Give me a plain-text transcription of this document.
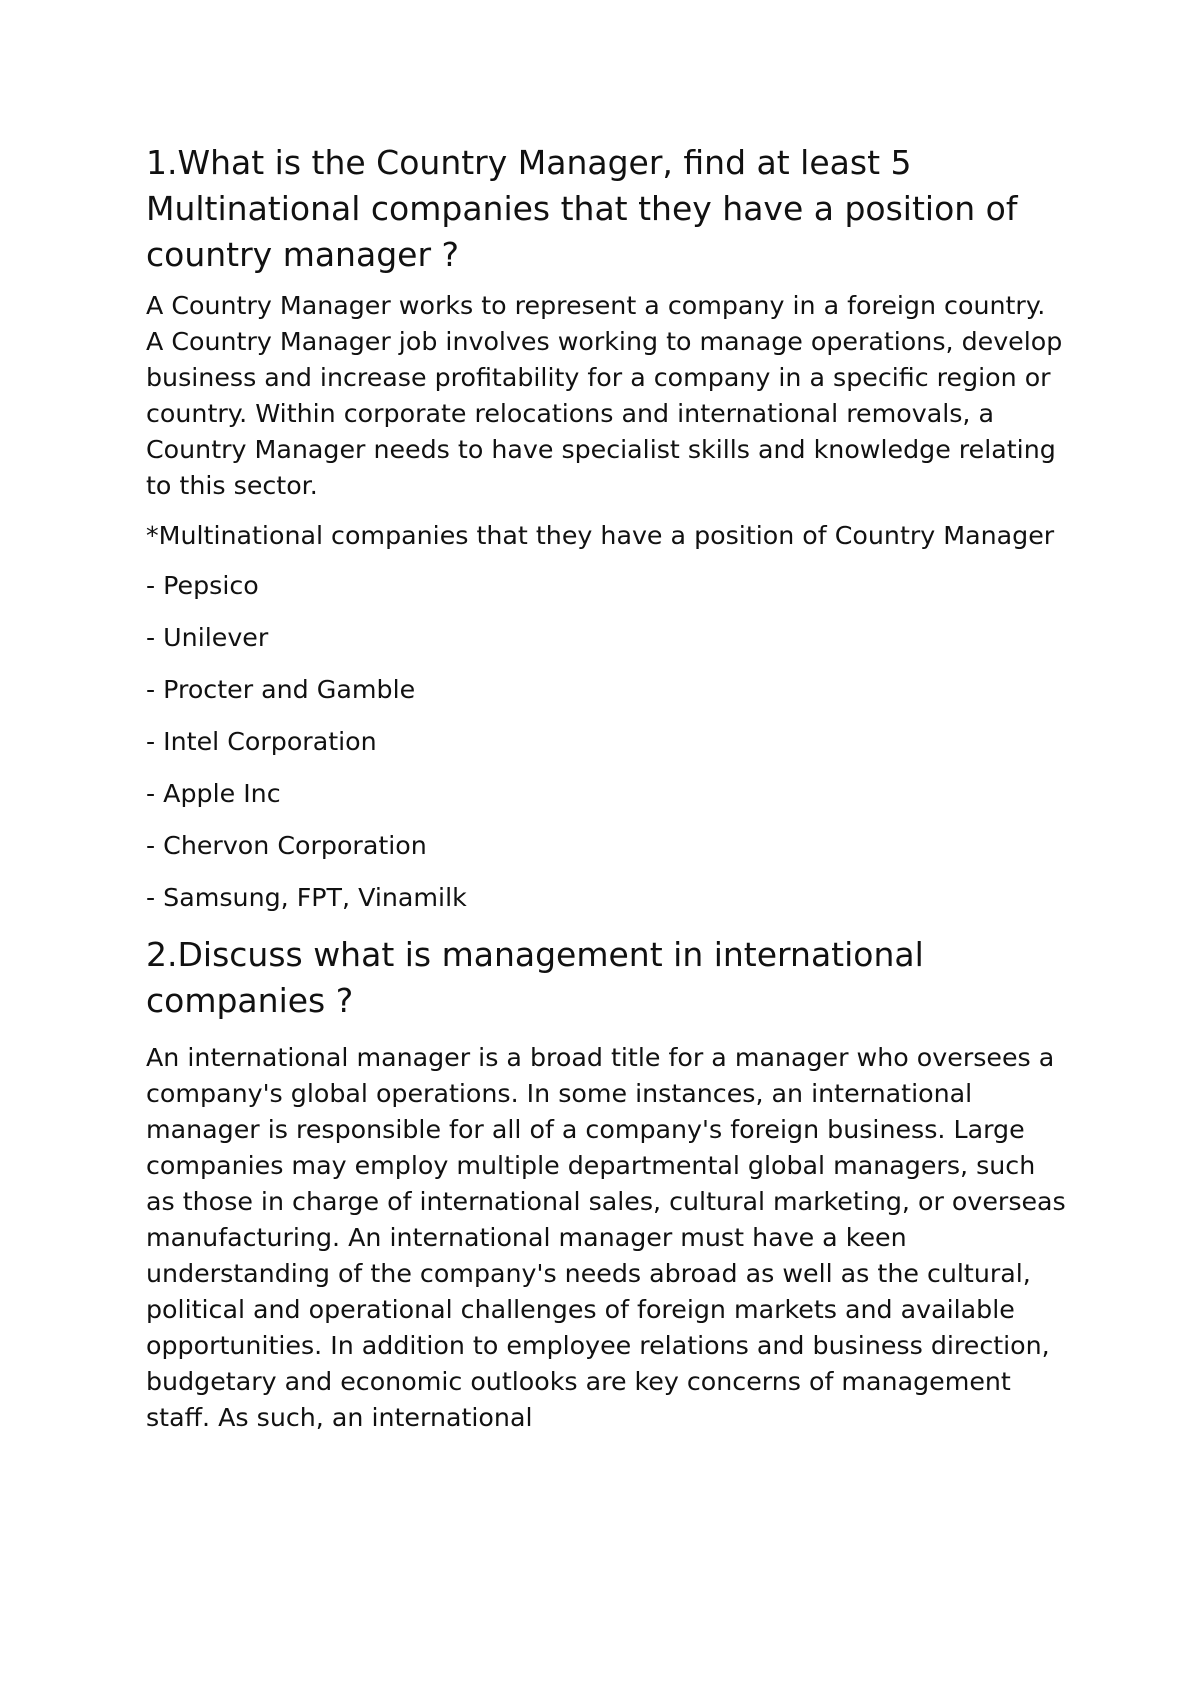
1.What is the Country Manager, find at least 5 Multinational companies that they have a position of country manager ?

A Country Manager works to represent a company in a foreign country. A Country Manager job involves working to manage operations, develop business and increase profitability for a company in a specific region or country. Within corporate relocations and international removals, a Country Manager needs to have specialist skills and knowledge relating to this sector.

*Multinational companies that they have a position of Country Manager

- Pepsico

- Unilever

- Procter and Gamble

- Intel Corporation

- Apple Inc

- Chervon Corporation

- Samsung, FPT, Vinamilk

2.Discuss what is management in international companies ?

An international manager is a broad title for a manager who oversees a company's global operations. In some instances, an international manager is responsible for all of a company's foreign business. Large companies may employ multiple departmental global managers, such as those in charge of international sales, cultural marketing, or overseas manufacturing. An international manager must have a keen understanding of the company's needs abroad as well as the cultural, political and operational challenges of foreign markets and available opportunities. In addition to employee relations and business direction, budgetary and economic outlooks are key concerns of management staff. As such, an international
